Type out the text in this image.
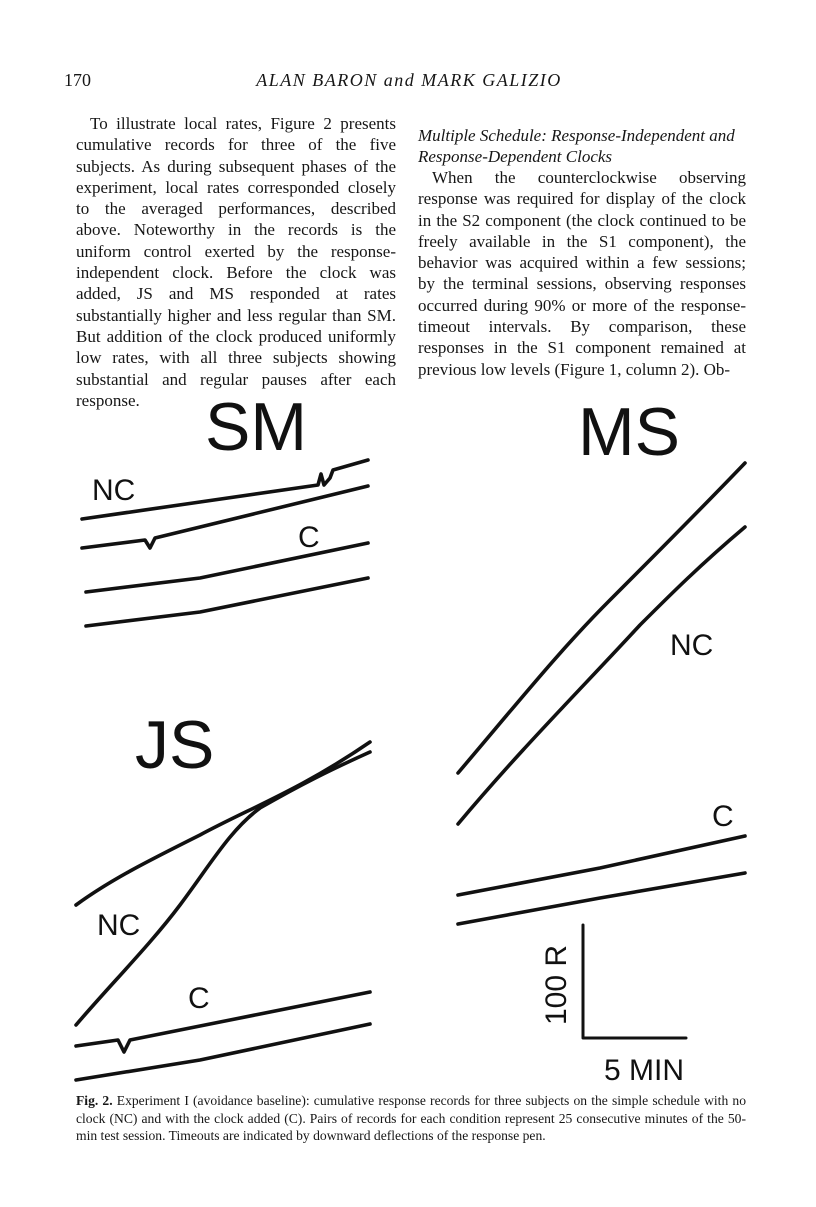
170	ALAN BARON and MARK GALIZIO

To illustrate local rates, Figure 2 presents cumulative records for three of the five subjects. As during subsequent phases of the experiment, local rates corresponded closely to the averaged performances, described above. Noteworthy in the records is the uniform control exerted by the response-independent clock. Before the clock was added, JS and MS responded at rates substantially higher and less regular than SM. But addition of the clock produced uniformly low rates, with all three subjects showing substantial and regular pauses after each response.

Multiple Schedule: Response-Independent and Response-Dependent Clocks

When the counterclockwise observing response was required for display of the clock in the S2 component (the clock continued to be freely available in the S1 component), the behavior was acquired within a few sessions; by the terminal sessions, observing responses occurred during 90% or more of the response-timeout intervals. By comparison, these responses in the S1 component remained at previous low levels (Figure 1, column 2). Ob-

SM
NC
C
JS
NC
C
MS
NC
C
100 R
5 MIN
Fig. 2. Experiment I (avoidance baseline): cumulative response records for three subjects on the simple schedule with no clock (NC) and with the clock added (C). Pairs of records for each condition represent 25 consecutive minutes of the 50-min test session. Timeouts are indicated by downward deflections of the response pen.
